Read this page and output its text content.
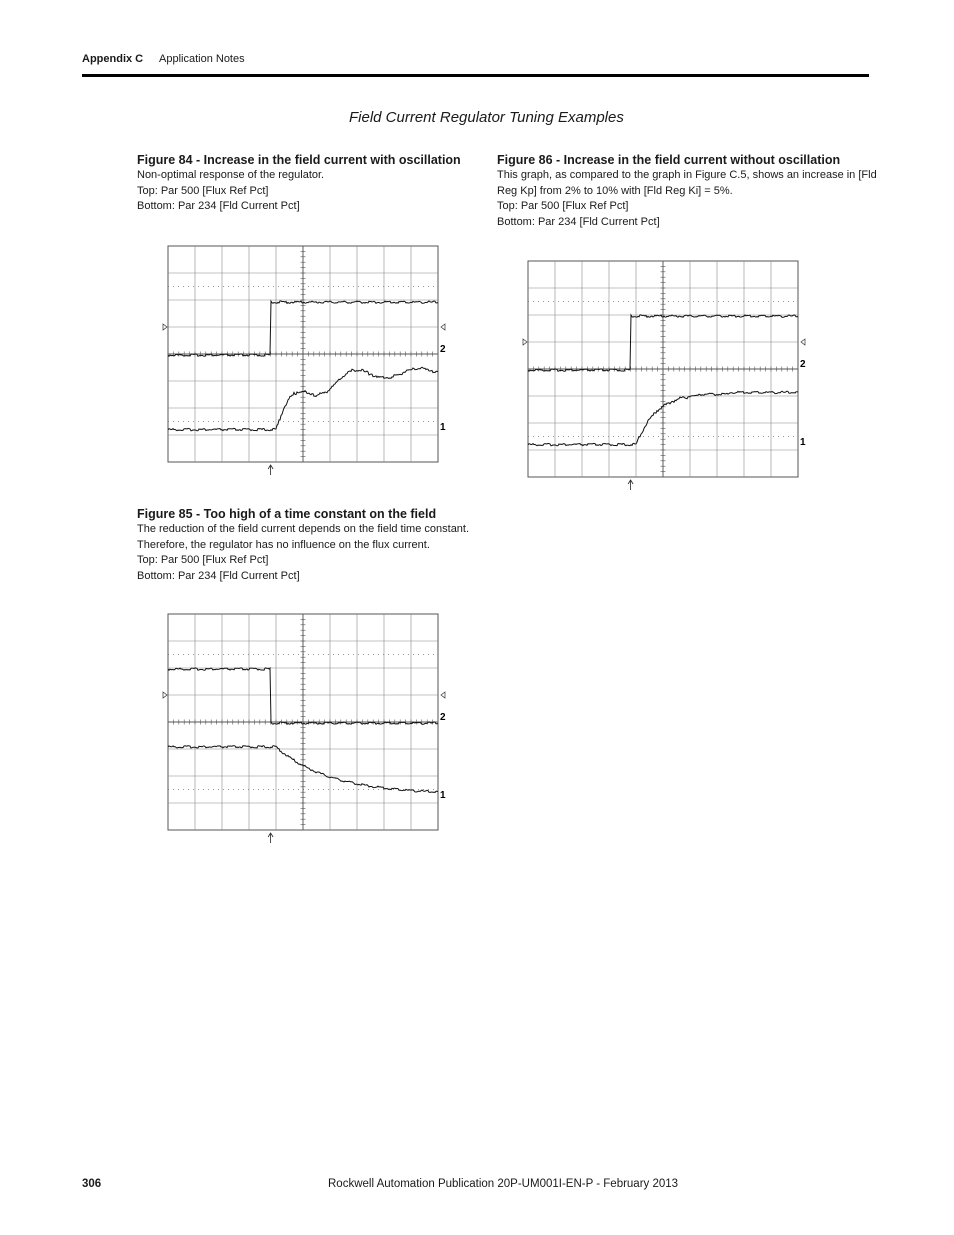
Appendix C Application Notes
Field Current Regulator Tuning Examples
Figure 84 - Increase in the field current with oscillation
Non-optimal response of the regulator.
Top: Par 500 [Flux Ref Pct]
Bottom: Par 234 [Fld Current Pct]
Figure 86 - Increase in the field current without oscillation
This graph, as compared to the graph in Figure C.5, shows an increase in [Fld
Reg Kp] from 2% to 10% with [Fld Reg Ki] = 5%.
Top: Par 500 [Flux Ref Pct]
Bottom: Par 234 [Fld Current Pct]
Figure 85 - Too high of a time constant on the field
The reduction of the field current depends on the field time constant.
Therefore, the regulator has no influence on the flux current.
Top: Par 500 [Flux Ref Pct]
Bottom: Par 234 [Fld Current Pct]
2
1
2
1
2
1
306	Rockwell Automation Publication 20P-UM001I-EN-P - February 2013
